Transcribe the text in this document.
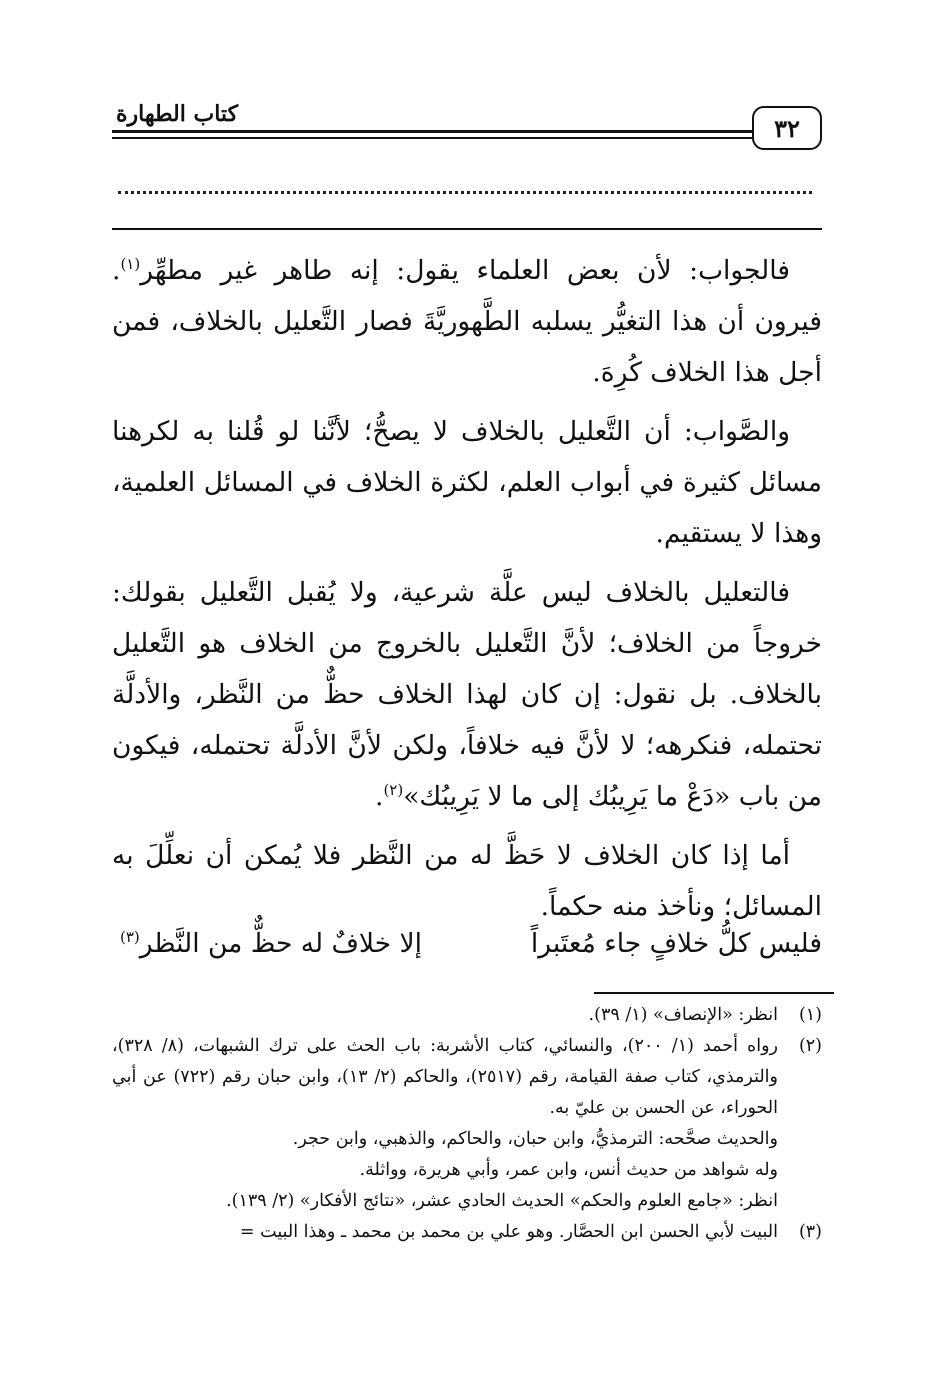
٣٢
كتاب الطهارة

فالجواب: لأن بعض العلماء يقول: إنه طاهر غير مطهِّر$^{(١)}$. فيرون أن هذا التغيُّر يسلبه الطَّهوريَّةَ فصار التَّعليل بالخلاف، فمن أجل هذا الخلاف كُرِهَ.

والصَّواب: أن التَّعليل بالخلاف لا يصحُّ؛ لأنَّنا لو قُلنا به لكرهنا مسائل كثيرة في أبواب العلم، لكثرة الخلاف في المسائل العلمية، وهذا لا يستقيم.

فالتعليل بالخلاف ليس علَّة شرعية، ولا يُقبل التَّعليل بقولك: خروجاً من الخلاف؛ لأنَّ التَّعليل بالخروج من الخلاف هو التَّعليل بالخلاف. بل نقول: إن كان لهذا الخلاف حظٌّ من النَّظر، والأدلَّة تحتمله، فنكرهه؛ لا لأنَّ فيه خلافاً، ولكن لأنَّ الأدلَّة تحتمله، فيكون من باب «دَعْ ما يَرِيبُك إلى ما لا يَرِيبُك»$^{(٢)}$.

أما إذا كان الخلاف لا حَظَّ له من النَّظر فلا يُمكن أن نعلِّلَ به المسائل؛ ونأخذ منه حكماً.

فليس كلُّ خلافٍ جاء مُعتَبراً
إلا خلافٌ له حظٌّ من النَّظر$^{(٣)}$
(١)
انظر: «الإنصاف» (١/ ٣٩).
(٢)
رواه أحمد (١/ ٢٠٠)، والنسائي، كتاب الأشربة: باب الحث على ترك الشبهات، (٨/ ٣٢٨)، والترمذي، كتاب صفة القيامة، رقم (٢٥١٧)، والحاكم (٢/ ١٣)، وابن حبان رقم (٧٢٢) عن أبي الحوراء، عن الحسن بن عليّ به.
والحديث صحَّحه: الترمذيُّ، وابن حبان، والحاكم، والذهبي، وابن حجر.
وله شواهد من حديث أنس، وابن عمر، وأبي هريرة، وواثلة.
انظر: «جامع العلوم والحكم» الحديث الحادي عشر، «نتائج الأفكار» (٢/ ١٣٩).
(٣)
البيت لأبي الحسن ابن الحصَّار. وهو علي بن محمد بن محمد ـ وهذا البيت =
